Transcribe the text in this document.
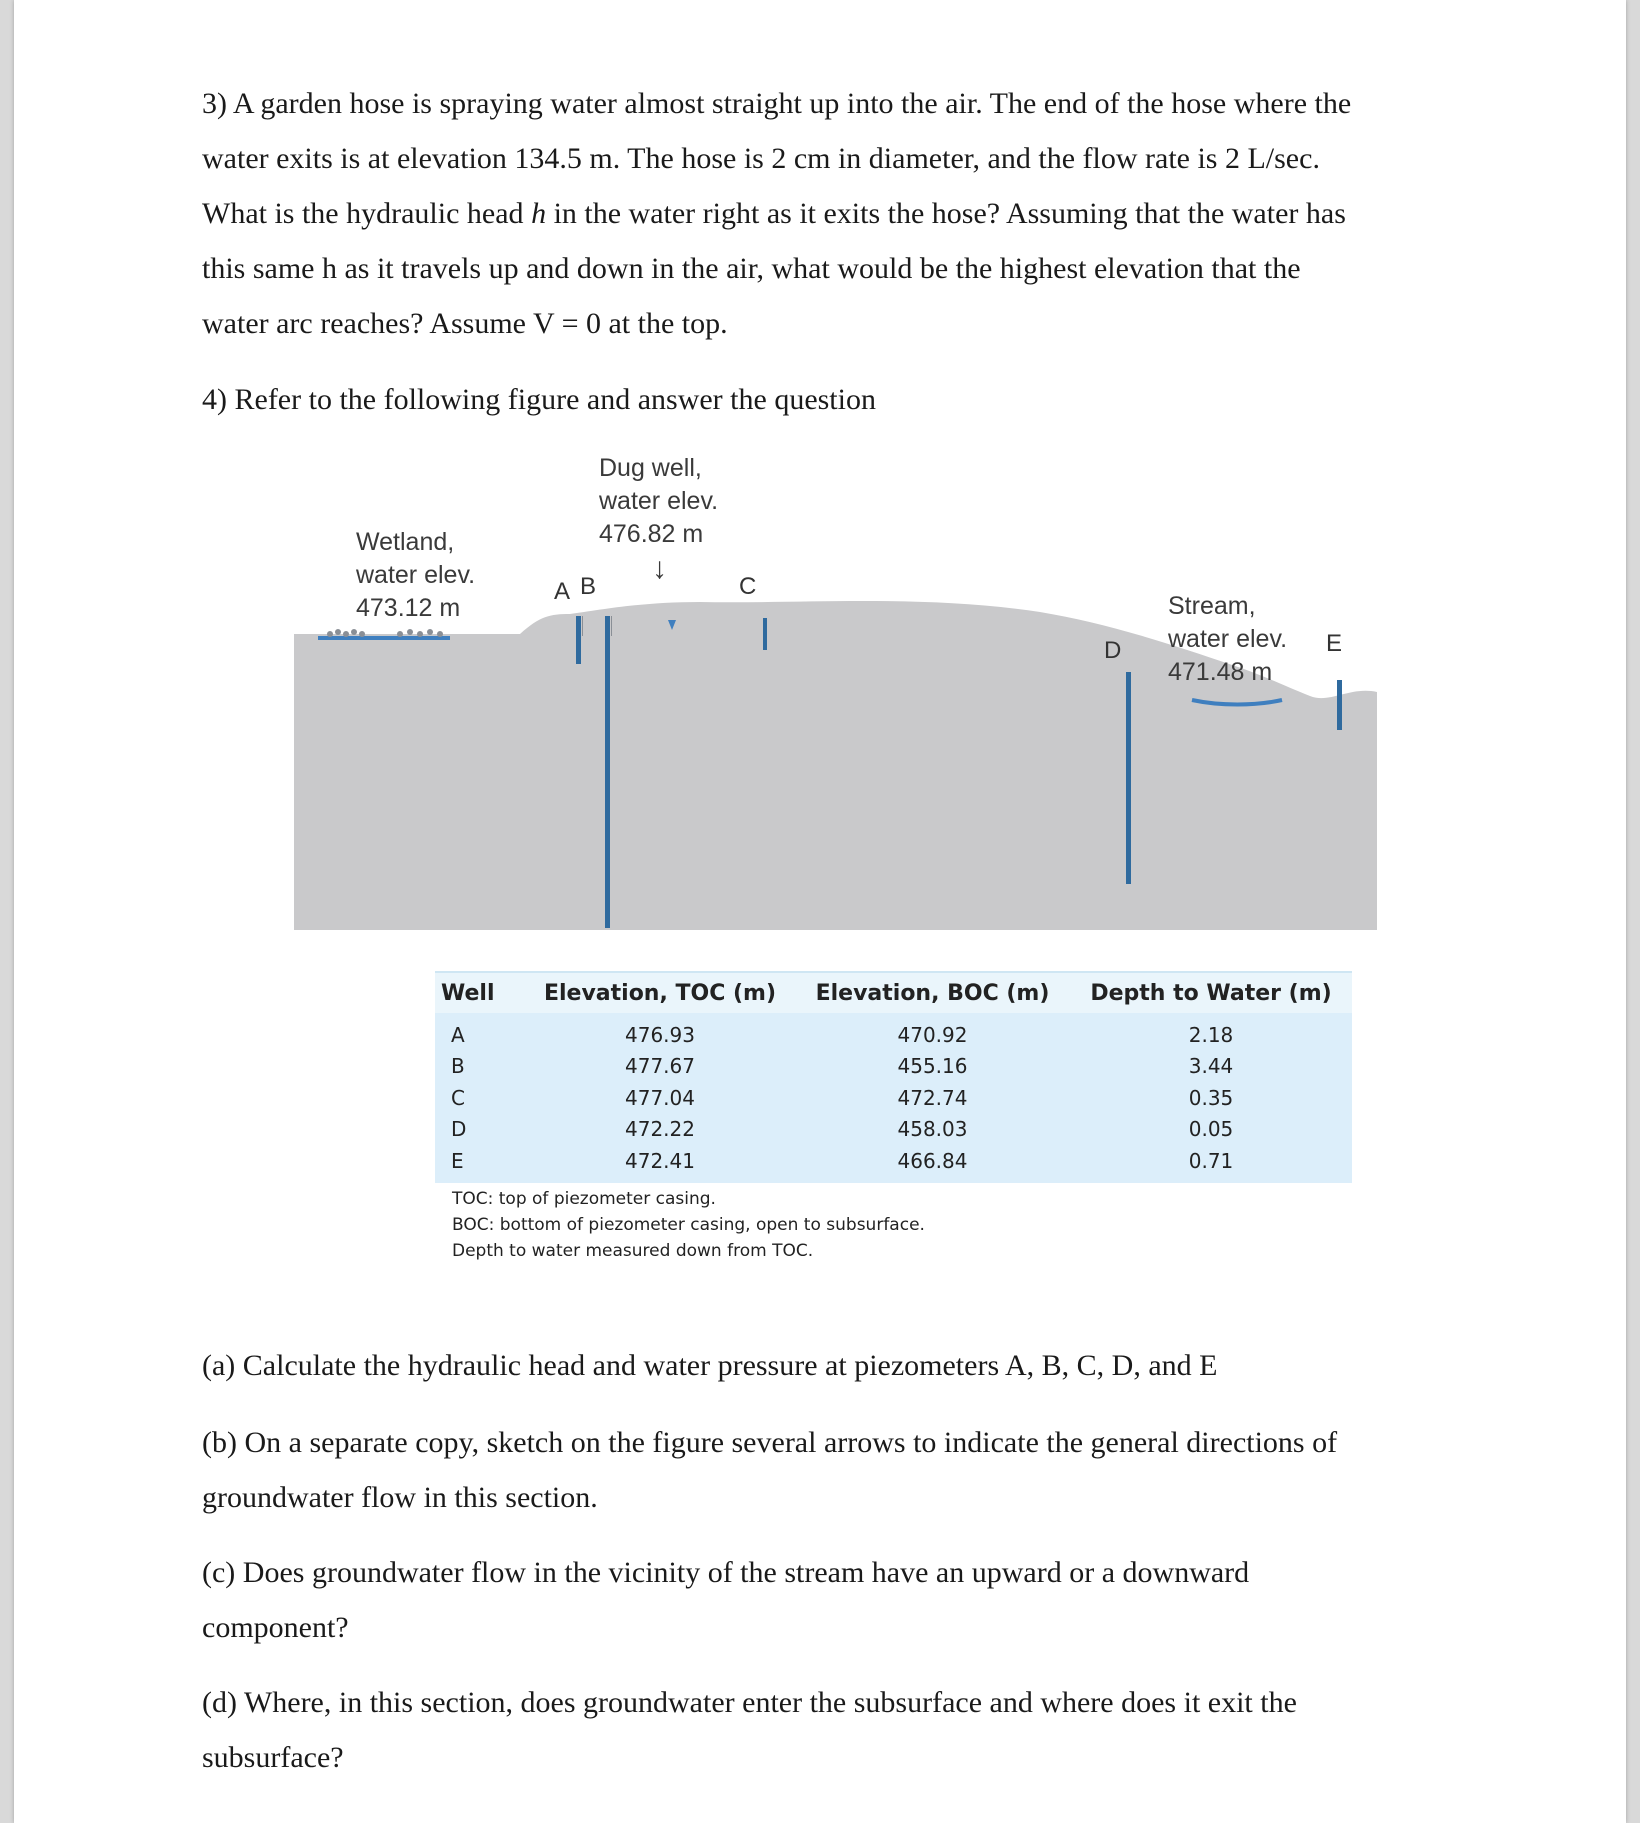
3) A garden hose is spraying water almost straight up into the air. The end of the hose where the
water exits is at elevation 134.5 m. The hose is 2 cm in diameter, and the flow rate is 2 L/sec.
What is the hydraulic head h in the water right as it exits the hose? Assuming that the water has
this same h as it travels up and down in the air, what would be the highest elevation that the
water arc reaches? Assume V = 0 at the top.
4) Refer to the following figure and answer the question
Wetland,
water elev.
473.12 m
Dug well,
water elev.
476.82 m
Stream,
water elev.
471.48 m
↓
A B	C
D	E
Well	Elevation, TOC (m)	Elevation, BOC (m)	Depth to Water (m)
A	476.93	470.92	2.18
B	477.67	455.16	3.44
C	477.04	472.74	0.35
D	472.22	458.03	0.05
E	472.41	466.84	0.71
TOC: top of piezometer casing.
BOC: bottom of piezometer casing, open to subsurface.
Depth to water measured down from TOC.
(a) Calculate the hydraulic head and water pressure at piezometers A, B, C, D, and E
(b) On a separate copy, sketch on the figure several arrows to indicate the general directions of
groundwater flow in this section.
(c) Does groundwater flow in the vicinity of the stream have an upward or a downward
component?
(d) Where, in this section, does groundwater enter the subsurface and where does it exit the
subsurface?
